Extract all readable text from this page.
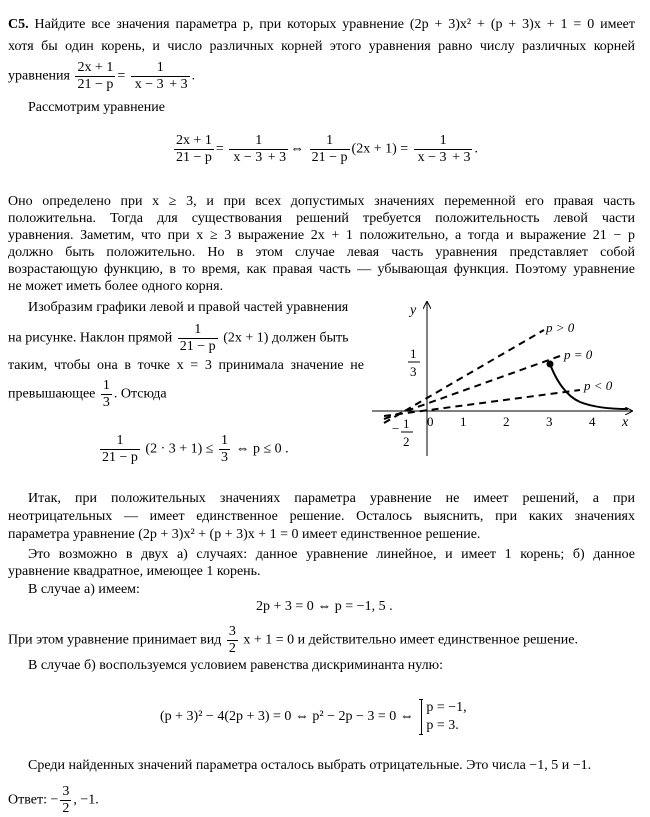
C5. Найдите все значения параметра p, при которых уравнение (2p + 3)x² + (p + 3)x + 1 = 0 имеет
хотя бы один корень, и число различных корней этого уравнения равно числу различных корней
уравнения $\frac{2x + 1}{21 - p} = \frac{1}{x - 3 + 3}$ .
Рассмотрим уравнение
$\frac{2x + 1}{21 - p} = \frac{1}{x - 3 + 3}$ ⇔ $\frac{1}{21 - p} (2x + 1) = \frac{1}{x - 3 + 3}$ .
Оно определено при x ≥ 3, и при всех допустимых значениях переменной его правая часть
положительна. Тогда для существования решений требуется положительность левой части
уравнения. Заметим, что при x ≥ 3 выражение 2x + 1 положительно, а тогда и выражение 21 − p
должно быть положительно. Но в этом случае левая часть уравнения представляет собой
возрастающую функцию, в то время, как правая часть — убывающая функция. Поэтому уравнение
не может иметь более одного корня.
Изобразим графики левой и правой частей уравнения
на рисунке. Наклон прямой $\frac{1}{21 - p} (2x + 1)$ должен быть
таким, чтобы она в точке x = 3 принимала значение не
превышающее $\frac{1}{3}$ . Отсюда
$\frac{1}{21 - p} (2 \cdot 3 + 1) \le \frac{1}{3}$ ⇔ p ≤ 0 .
y
x
0 1	2	3	4
1
3
− 1
2
p > 0
p = 0
p < 0
Итак, при положительных значениях параметра уравнение не имеет решений, а при
неотрицательных — имеет единственное решение. Осталось выяснить, при каких значениях
параметра уравнение (2p + 3)x² + (p + 3)x + 1 = 0 имеет единственное решение.
Это возможно в двух а) случаях: данное уравнение линейное, и имеет 1 корень; б) данное
уравнение квадратное, имеющее 1 корень.
В случае а) имеем:
2p + 3 = 0 ⇔ p = −1, 5 .
При этом уравнение принимает вид $\frac{3}{2}$ x + 1 = 0 и действительно имеет единственное решение.
В случае б) воспользуемся условием равенства дискриминанта нулю:
(p + 3)² − 4(2p + 3) = 0 ⇔ p² − 2p − 3 = 0 ⇔
p = −1,
p = 3.
Среди найденных значений параметра осталось выбрать отрицательные. Это числа −1, 5 и −1.
Ответ: − $\frac{3}{2}$ , −1.
